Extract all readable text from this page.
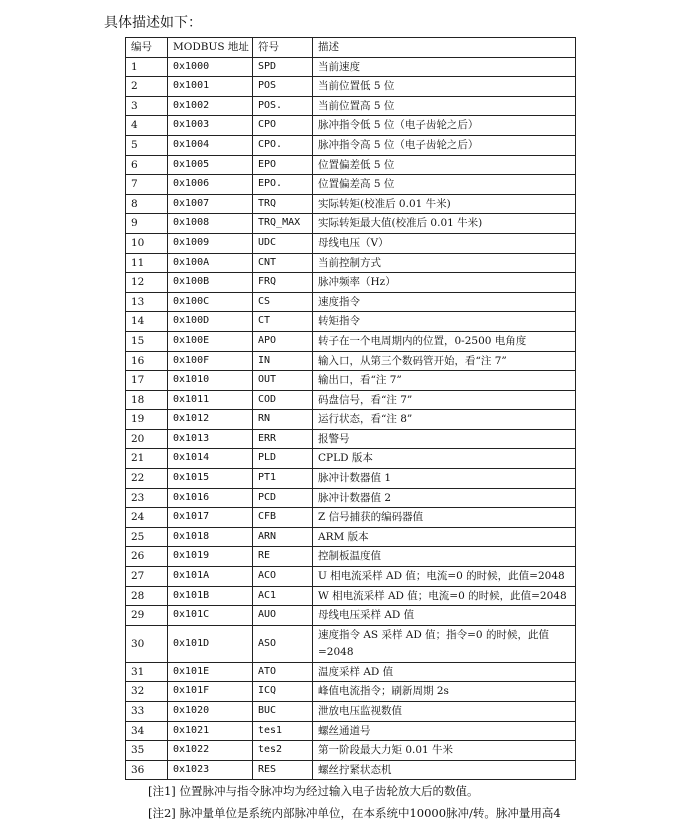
具体描述如下：
编号	MODBUS 地址	符号	描述
1	0x1000	SPD	当前速度
2	0x1001	POS	当前位置低 5 位
3	0x1002	POS.	当前位置高 5 位
4	0x1003	CPO	脉冲指令低 5 位（电子齿轮之后）
5	0x1004	CPO.	脉冲指令高 5 位（电子齿轮之后）
6	0x1005	EPO	位置偏差低 5 位
7	0x1006	EPO.	位置偏差高 5 位
8	0x1007	TRQ	实际转矩(校准后 0.01 牛米)
9	0x1008	TRQ_MAX	实际转矩最大值(校准后 0.01 牛米)
10	0x1009	UDC	母线电压（V）
11	0x100A	CNT	当前控制方式
12	0x100B	FRQ	脉冲频率（Hz）
13	0x100C	CS	速度指令
14	0x100D	CT	转矩指令
15	0x100E	APO	转子在一个电周期内的位置，0-2500 电角度
16	0x100F	IN	输入口，从第三个数码管开始，看“注 7”
17	0x1010	OUT	输出口，看“注 7”
18	0x1011	COD	码盘信号，看“注 7”
19	0x1012	RN	运行状态，看“注 8”
20	0x1013	ERR	报警号
21	0x1014	PLD	CPLD 版本
22	0x1015	PT1	脉冲计数器值 1
23	0x1016	PCD	脉冲计数器值 2
24	0x1017	CFB	Z 信号捕获的编码器值
25	0x1018	ARN	ARM 版本
26	0x1019	RE	控制板温度值
27	0x101A	ACO	U 相电流采样 AD 值；电流=0 的时候，此值=2048
28	0x101B	AC1	W 相电流采样 AD 值；电流=0 的时候，此值=2048
29	0x101C	AUO	母线电压采样 AD 值
30	0x101D	ASO	速度指令 AS 采样 AD 值；指令=0 的时候，此值=2048
31	0x101E	ATO	温度采样 AD 值
32	0x101F	ICQ	峰值电流指令；刷新周期 2s
33	0x1020	BUC	泄放电压监视数值
34	0x1021	tes1	螺丝通道号
35	0x1022	tes2	第一阶段最大力矩 0.01 牛米
36	0x1023	RES	螺丝拧紧状态机
[注1] 位置脉冲与指令脉冲均为经过输入电子齿轮放大后的数值。
[注2] 脉冲量单位是系统内部脉冲单位，在本系统中10000脉冲/转。脉冲量用高4
